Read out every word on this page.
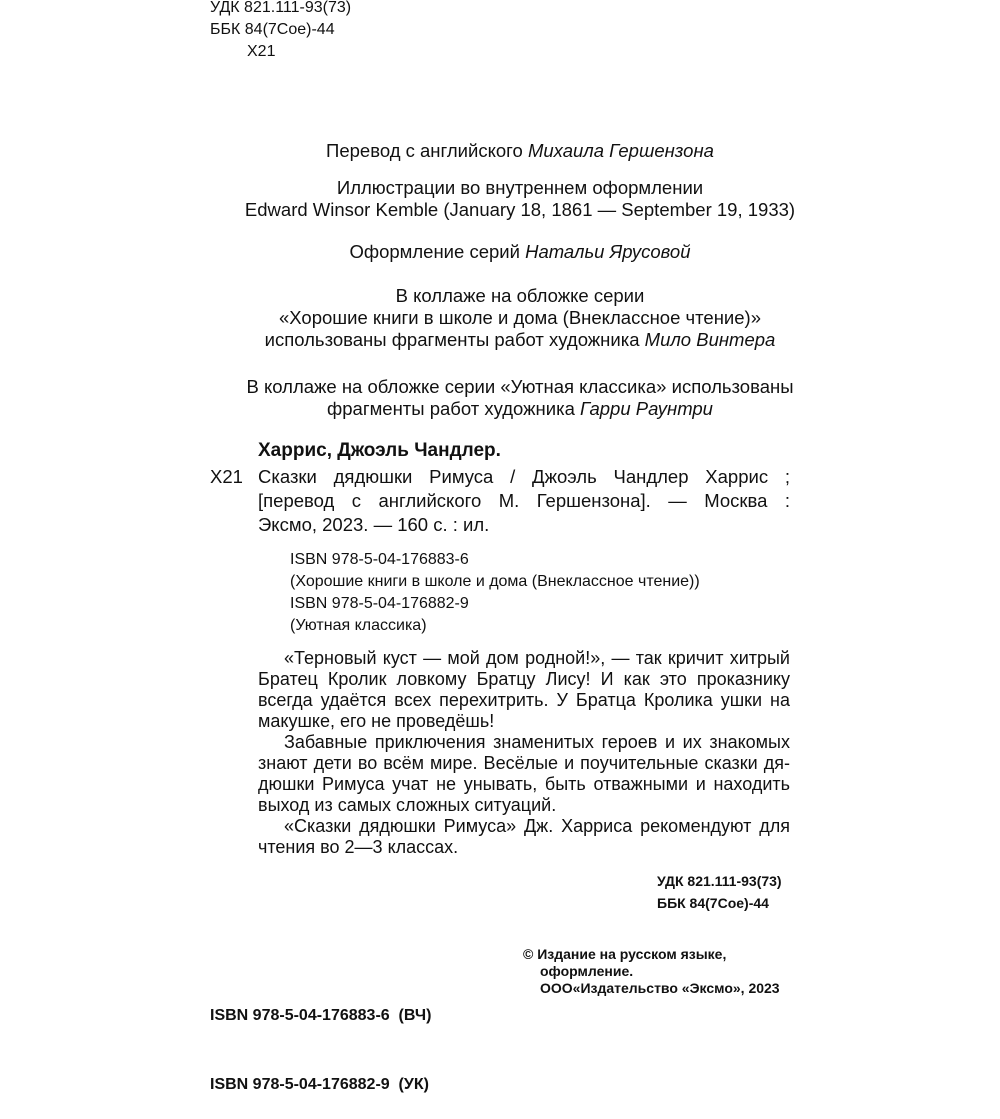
УДК 821.111-93(73)
ББК 84(7Сое)-44
Х21
Перевод с английского Михаила Гершензона
Иллюстрации во внутреннем оформлении
Edward Winsor Kemble (January 18, 1861 — September 19, 1933)
Оформление серий Натальи Ярусовой
В коллаже на обложке серии
«Хорошие книги в школе и дома (Внеклассное чтение)»
использованы фрагменты работ художника Мило Винтера
В коллаже на обложке серии «Уютная классика» использованы
фрагменты работ художника Гарри Раунтри
Харрис, Джоэль Чандлер.
Х21 Сказки дядюшки Римуса / Джоэль Чандлер Харрис ;
[перевод с английского М. Гершензона]. — Москва :
Эксмо, 2023. — 160 с. : ил.
ISBN 978-5-04-176883-6
(Хорошие книги в школе и дома (Внеклассное чтение))
ISBN 978-5-04-176882-9
(Уютная классика)
«Терновый куст — мой дом родной!», — так кричит хитрый
Братец Кролик ловкому Братцу Лису! И как это проказнику
всегда удаётся всех перехитрить. У Братца Кролика ушки на
макушке, его не проведёшь!
Забавные приключения знаменитых героев и их знакомых
знают дети во всём мире. Весёлые и поучительные сказки дя-
дюшки Римуса учат не унывать, быть отважными и находить
выход из самых сложных ситуаций.
«Сказки дядюшки Римуса» Дж. Харриса рекомендуют для
чтения во 2—3 классах.
УДК 821.111-93(73)
ББК 84(7Сое)-44

ISBN 978-5-04-176883-6  (ВЧ)

ISBN 978-5-04-176882-9  (УК)

© Издание на русском языке,
оформление.
ООО«Издательство «Эксмо», 2023
